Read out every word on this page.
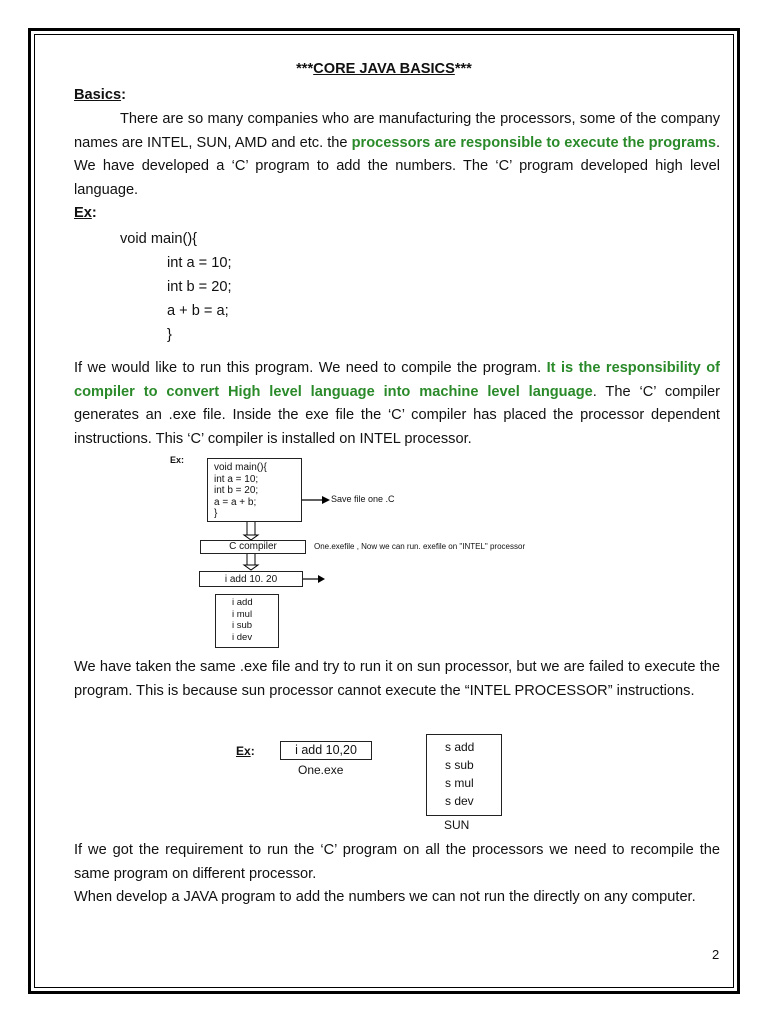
***CORE JAVA BASICS***
Basics:
There are so many companies who are manufacturing the processors, some of the company names are INTEL, SUN, AMD and etc. the processors are responsible to execute the programs. We have developed a ‘C’ program to add the numbers. The ‘C’ program developed high level language.
Ex:
void main(){
int a = 10;
int b = 20;
a + b = a;
}
If we would like to run this program. We need to compile the program. It is the responsibility of compiler to convert High level language into machine level language. The ‘C’ compiler generates an .exe file. Inside the exe file the ‘C’ compiler has placed the processor dependent instructions. This ‘C’ compiler is installed on INTEL processor.
Ex:
void main(){
int a = 10;
int b = 20;
a = a + b;
}
Save file one .C
C compiler	One.exefile , Now we can run. exefile on "INTEL" processor
i add 10. 20
i add
i mul
i sub
i dev
We have taken the same .exe file and try to run it on sun processor, but we are failed to execute the program. This is because sun processor cannot execute the “INTEL PROCESSOR” instructions.
Ex:	i add 10,20
One.exe
s add
s sub
s mul
s dev
SUN
If we got the requirement to run the ‘C’ program on all the processors we need to recompile the same program on different processor.
When develop a JAVA program to add the numbers we can not run the directly on any computer.
2
